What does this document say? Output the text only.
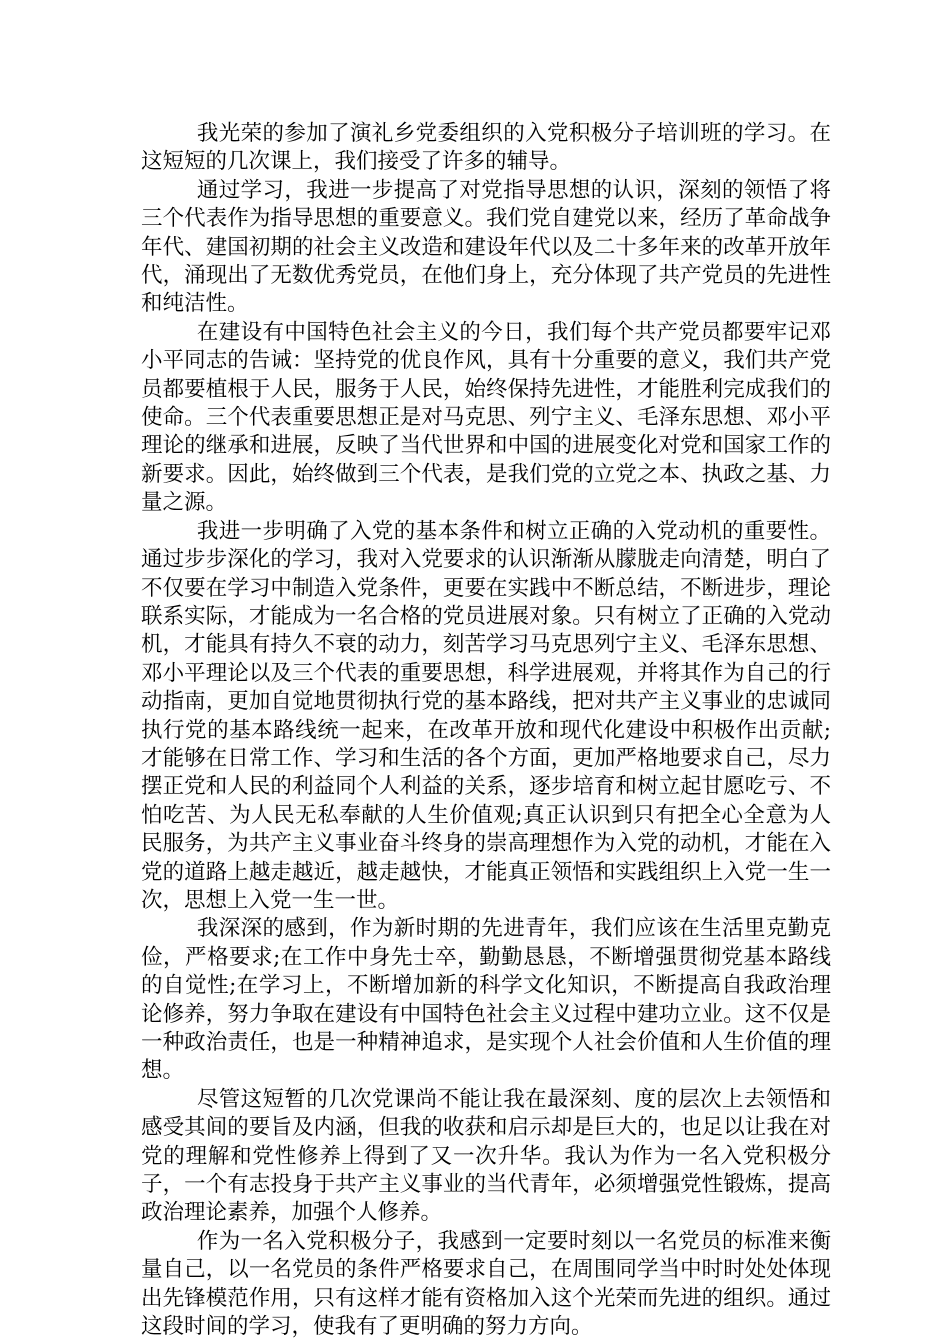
我光荣的参加了演礼乡党委组织的入党积极分子培训班的学习。在这短短的几次课上，我们接受了许多的辅导。

通过学习，我进一步提高了对党指导思想的认识，深刻的领悟了将三个代表作为指导思想的重要意义。我们党自建党以来，经历了革命战争年代、建国初期的社会主义改造和建设年代以及二十多年来的改革开放年代，涌现出了无数优秀党员，在他们身上，充分体现了共产党员的先进性和纯洁性。

在建设有中国特色社会主义的今日，我们每个共产党员都要牢记邓小平同志的告诫：坚持党的优良作风，具有十分重要的意义，我们共产党员都要植根于人民，服务于人民，始终保持先进性，才能胜利完成我们的使命。三个代表重要思想正是对马克思、列宁主义、毛泽东思想、邓小平理论的继承和进展，反映了当代世界和中国的进展变化对党和国家工作的新要求。因此，始终做到三个代表，是我们党的立党之本、执政之基、力量之源。

我进一步明确了入党的基本条件和树立正确的入党动机的重要性。通过步步深化的学习，我对入党要求的认识渐渐从朦胧走向清楚，明白了不仅要在学习中制造入党条件，更要在实践中不断总结，不断进步，理论联系实际，才能成为一名合格的党员进展对象。只有树立了正确的入党动机，才能具有持久不衰的动力，刻苦学习马克思列宁主义、毛泽东思想、邓小平理论以及三个代表的重要思想，科学进展观，并将其作为自己的行动指南，更加自觉地贯彻执行党的基本路线，把对共产主义事业的忠诚同执行党的基本路线统一起来，在改革开放和现代化建设中积极作出贡献;才能够在日常工作、学习和生活的各个方面，更加严格地要求自己，尽力摆正党和人民的利益同个人利益的关系，逐步培育和树立起甘愿吃亏、不怕吃苦、为人民无私奉献的人生价值观;真正认识到只有把全心全意为人民服务，为共产主义事业奋斗终身的崇高理想作为入党的动机，才能在入党的道路上越走越近，越走越快，才能真正领悟和实践组织上入党一生一次，思想上入党一生一世。

我深深的感到，作为新时期的先进青年，我们应该在生活里克勤克俭，严格要求;在工作中身先士卒，勤勤恳恳，不断增强贯彻党基本路线的自觉性;在学习上，不断增加新的科学文化知识，不断提高自我政治理论修养，努力争取在建设有中国特色社会主义过程中建功立业。这不仅是一种政治责任，也是一种精神追求，是实现个人社会价值和人生价值的理想。

尽管这短暂的几次党课尚不能让我在最深刻、度的层次上去领悟和感受其间的要旨及内涵，但我的收获和启示却是巨大的，也足以让我在对党的理解和党性修养上得到了又一次升华。我认为作为一名入党积极分子，一个有志投身于共产主义事业的当代青年，必须增强党性锻炼，提高政治理论素养，加强个人修养。

作为一名入党积极分子，我感到一定要时刻以一名党员的标准来衡量自己，以一名党员的条件严格要求自己，在周围同学当中时时处处体现出先锋模范作用，只有这样才能有资格加入这个光荣而先进的组织。通过这段时间的学习，使我有了更明确的努力方向。
